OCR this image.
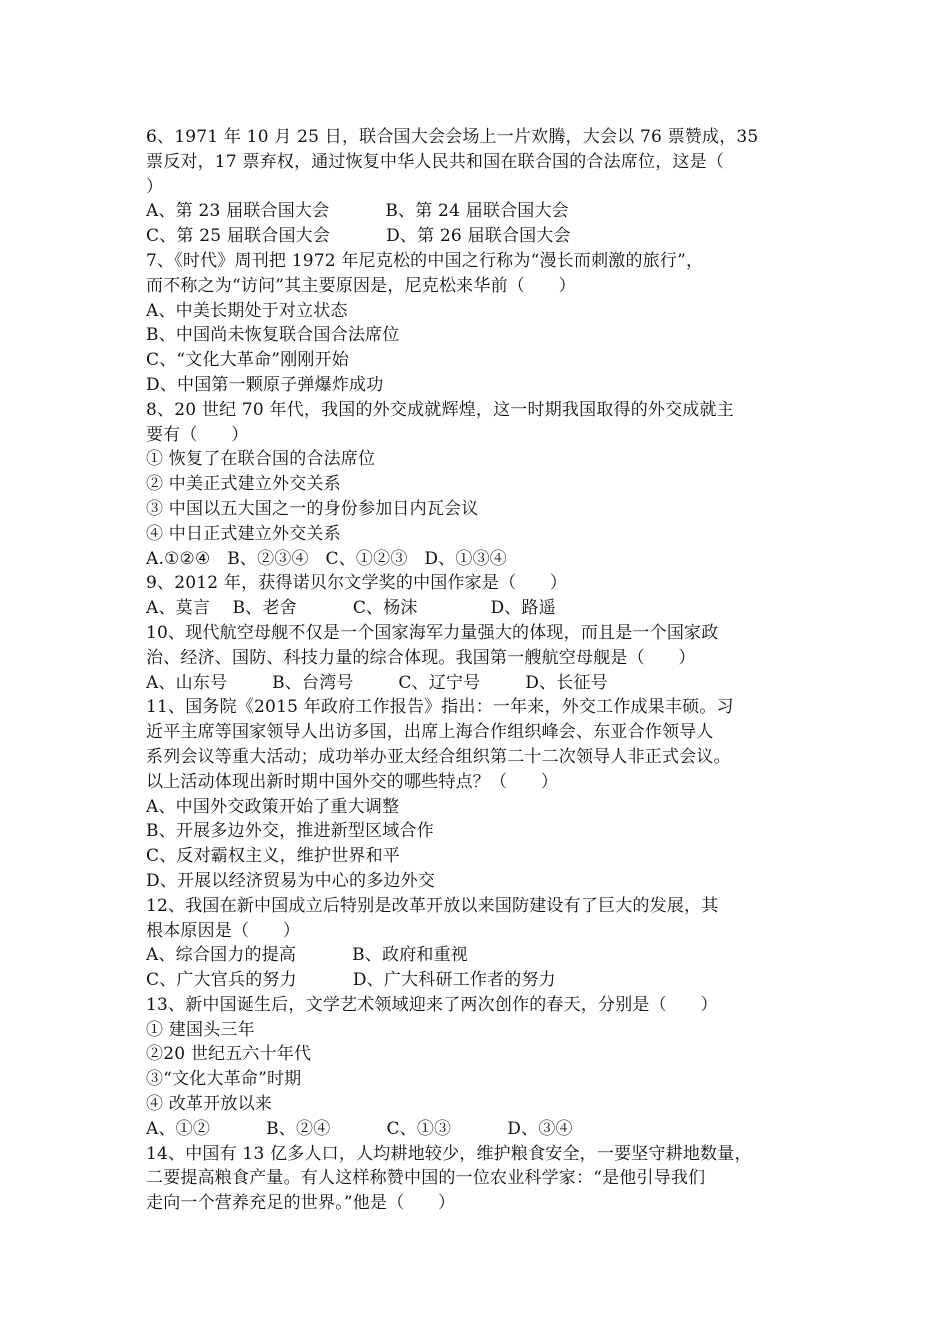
6、1971 年 10 月 25 日，联合国大会会场上一片欢腾，大会以 76 票赞成，35
票反对，17 票弃权，通过恢复中华人民共和国在联合国的合法席位，这是（
）
A、第 23 届联合国大会          B、第 24 届联合国大会
C、第 25 届联合国大会          D、第 26 届联合国大会
7、《时代》周刊把 1972 年尼克松的中国之行称为“漫长而刺激的旅行”，
而不称之为“访问”其主要原因是，尼克松来华前（      ）
A、中美长期处于对立状态
B、中国尚未恢复联合国合法席位
C、“文化大革命”刚刚开始
D、中国第一颗原子弹爆炸成功
8、20 世纪 70 年代，我国的外交成就辉煌，这一时期我国取得的外交成就主
要有（      ）
① 恢复了在联合国的合法席位
② 中美正式建立外交关系
③ 中国以五大国之一的身份参加日内瓦会议
④ 中日正式建立外交关系
A.①②④   B、②③④   C、①②③   D、①③④
9、2012 年，获得诺贝尔文学奖的中国作家是（      ）
A、莫言    B、老舍          C、杨沫             D、路遥
10、现代航空母舰不仅是一个国家海军力量强大的体现，而且是一个国家政
治、经济、国防、科技力量的综合体现。我国第一艘航空母舰是（      ）
A、山东号        B、台湾号        C、辽宁号        D、长征号
11、国务院《2015 年政府工作报告》指出：一年来，外交工作成果丰硕。习
近平主席等国家领导人出访多国，出席上海合作组织峰会、东亚合作领导人
系列会议等重大活动；成功举办亚太经合组织第二十二次领导人非正式会议。
以上活动体现出新时期中国外交的哪些特点？（      ）
A、中国外交政策开始了重大调整
B、开展多边外交，推进新型区域合作
C、反对霸权主义，维护世界和平
D、开展以经济贸易为中心的多边外交
12、我国在新中国成立后特别是改革开放以来国防建设有了巨大的发展，其
根本原因是（      ）
A、综合国力的提高          B、政府和重视
C、广大官兵的努力          D、广大科研工作者的努力
13、新中国诞生后，文学艺术领域迎来了两次创作的春天，分别是（      ）
① 建国头三年
②20 世纪五六十年代
③“文化大革命”时期
④ 改革开放以来
A、①②          B、②④          C、①③          D、③④
14、中国有 13 亿多人口，人均耕地较少，维护粮食安全，一要坚守耕地数量，
二要提高粮食产量。有人这样称赞中国的一位农业科学家：“是他引导我们
走向一个营养充足的世界。”他是（      ）
